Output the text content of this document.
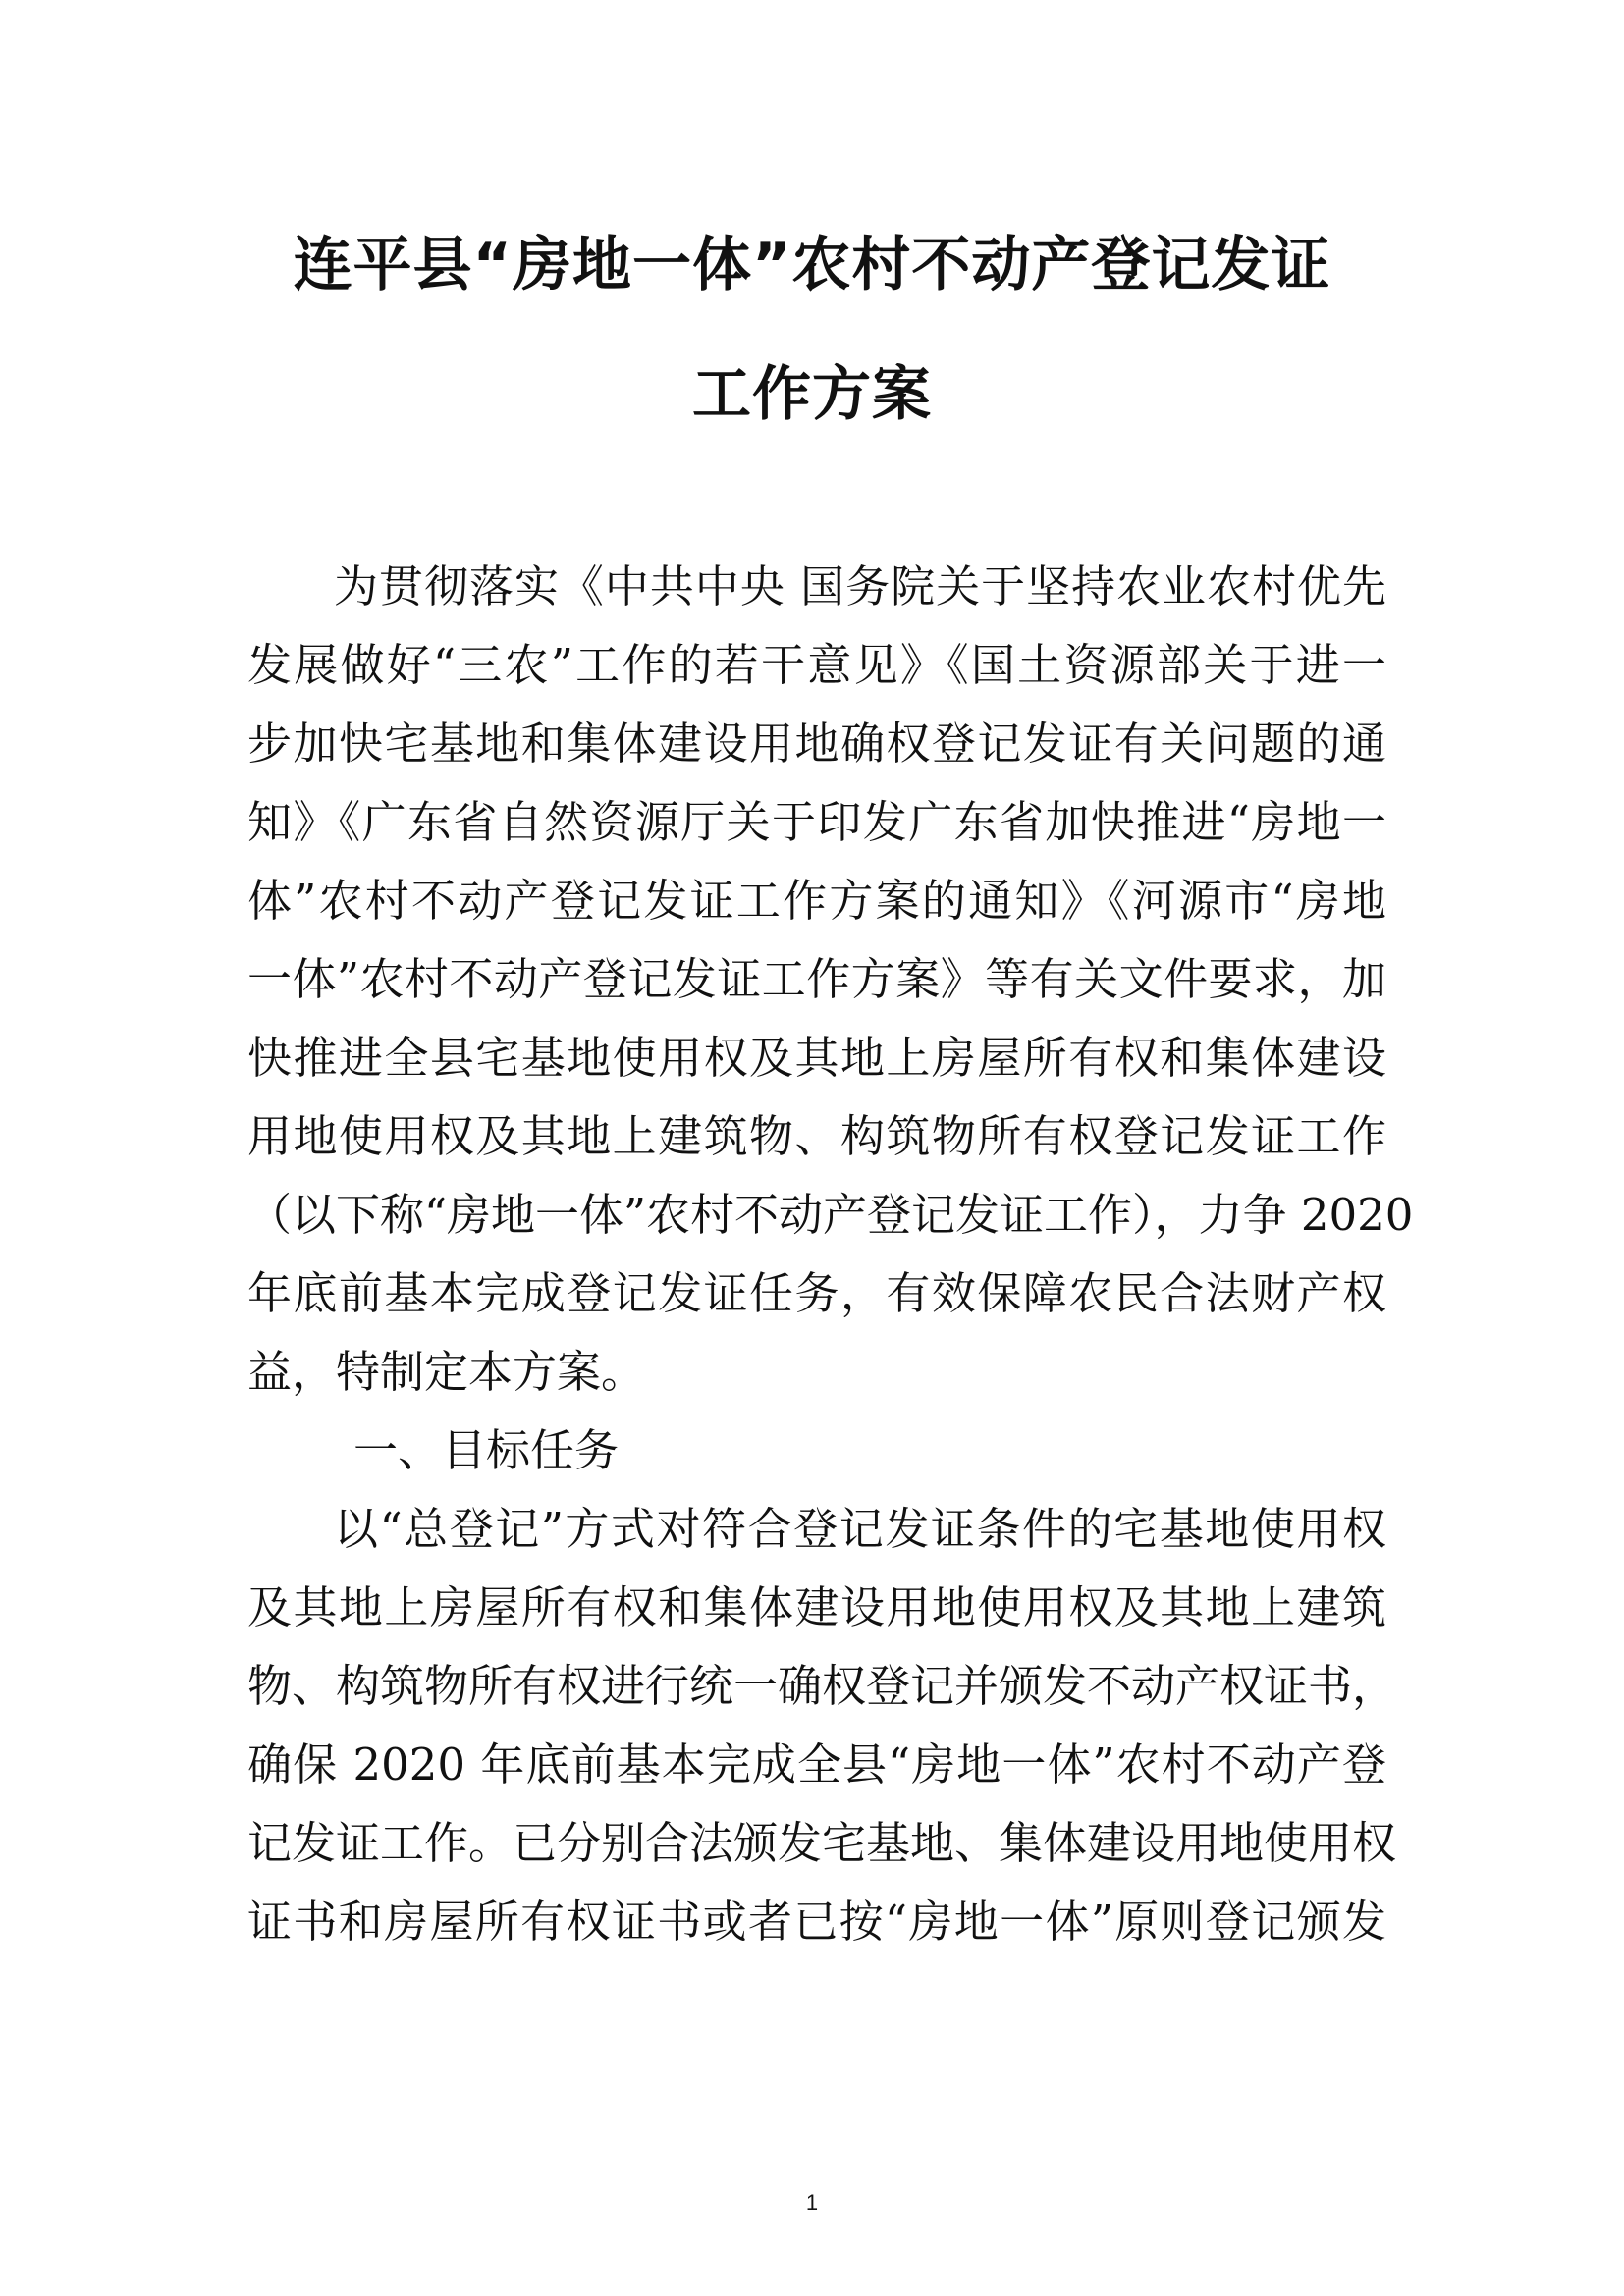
连平县“房地一体”农村不动产登记发证
工作方案

为贯彻落实《中共中央 国务院关于坚持农业农村优先

发展做好“三农”工作的若干意见》《国土资源部关于进一

步加快宅基地和集体建设用地确权登记发证有关问题的通

知》《广东省自然资源厅关于印发广东省加快推进“房地一

体”农村不动产登记发证工作方案的通知》《河源市“房地

一体”农村不动产登记发证工作方案》等有关文件要求，加

快推进全县宅基地使用权及其地上房屋所有权和集体建设

用地使用权及其地上建筑物、构筑物所有权登记发证工作

（以下称“房地一体”农村不动产登记发证工作），力争 2020

年底前基本完成登记发证任务，有效保障农民合法财产权

益，特制定本方案。

一、目标任务

以“总登记”方式对符合登记发证条件的宅基地使用权

及其地上房屋所有权和集体建设用地使用权及其地上建筑

物、构筑物所有权进行统一确权登记并颁发不动产权证书，

确保 2020 年底前基本完成全县“房地一体”农村不动产登

记发证工作。已分别合法颁发宅基地、集体建设用地使用权

证书和房屋所有权证书或者已按“房地一体”原则登记颁发

1
